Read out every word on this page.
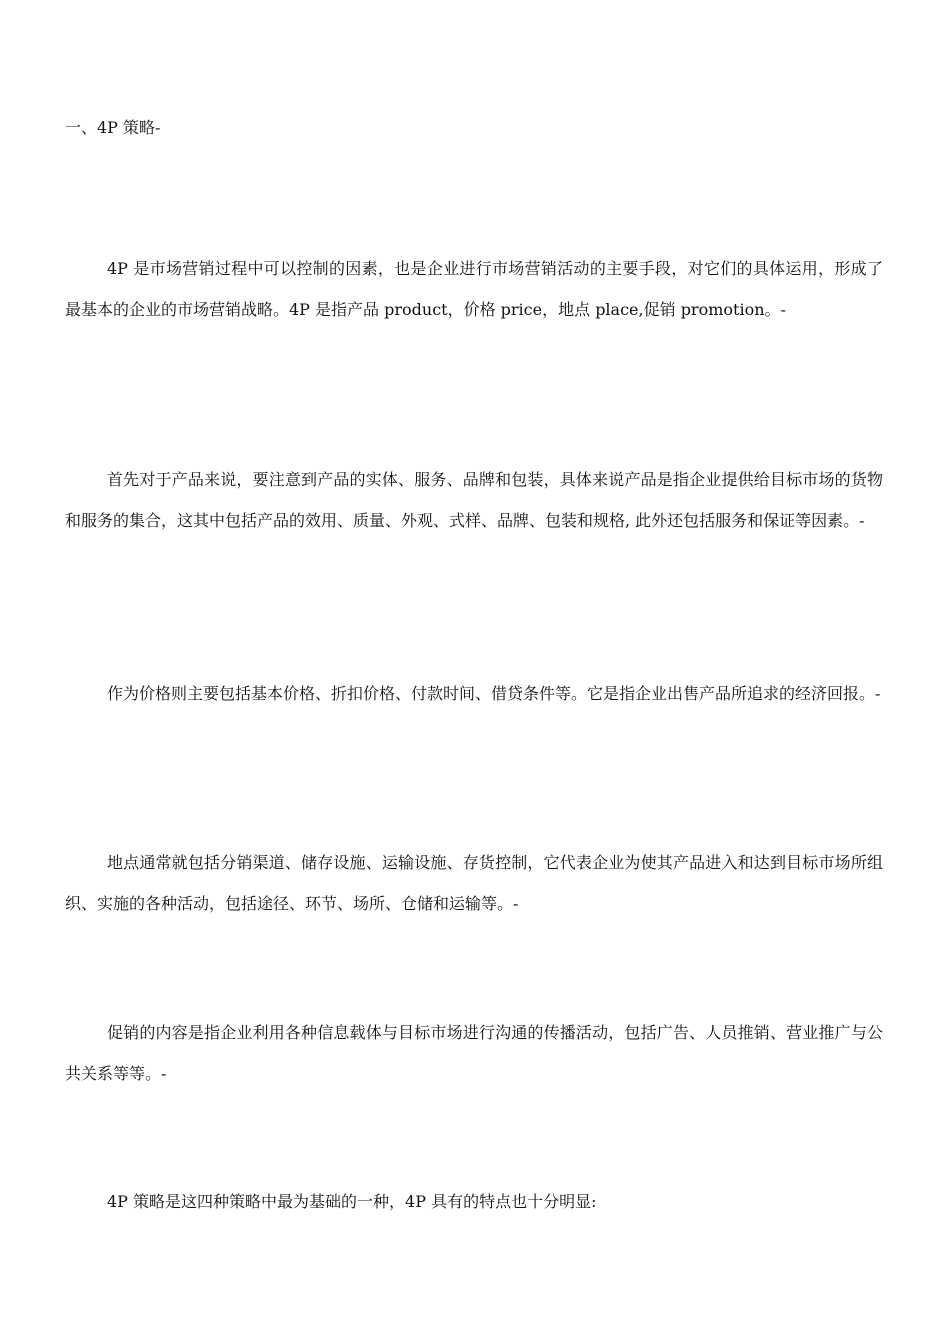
一、4P 策略-

4P 是市场营销过程中可以控制的因素，也是企业进行市场营销活动的主要手段，对它们的具体运用，形成了最基本的企业的市场营销战略。4P 是指产品 product，价格 price，地点 place,促销 promotion。-

首先对于产品来说，要注意到产品的实体、服务、品牌和包装，具体来说产品是指企业提供给目标市场的货物和服务的集合，这其中包括产品的效用、质量、外观、式样、品牌、包装和规格, 此外还包括服务和保证等因素。-

作为价格则主要包括基本价格、折扣价格、付款时间、借贷条件等。它是指企业出售产品所追求的经济回报。-

地点通常就包括分销渠道、储存设施、运输设施、存货控制，它代表企业为使其产品进入和达到目标市场所组织、实施的各种活动，包括途径、环节、场所、仓储和运输等。-

促销的内容是指企业利用各种信息载体与目标市场进行沟通的传播活动，包括广告、人员推销、营业推广与公共关系等等。-

4P 策略是这四种策略中最为基础的一种，4P 具有的特点也十分明显:
